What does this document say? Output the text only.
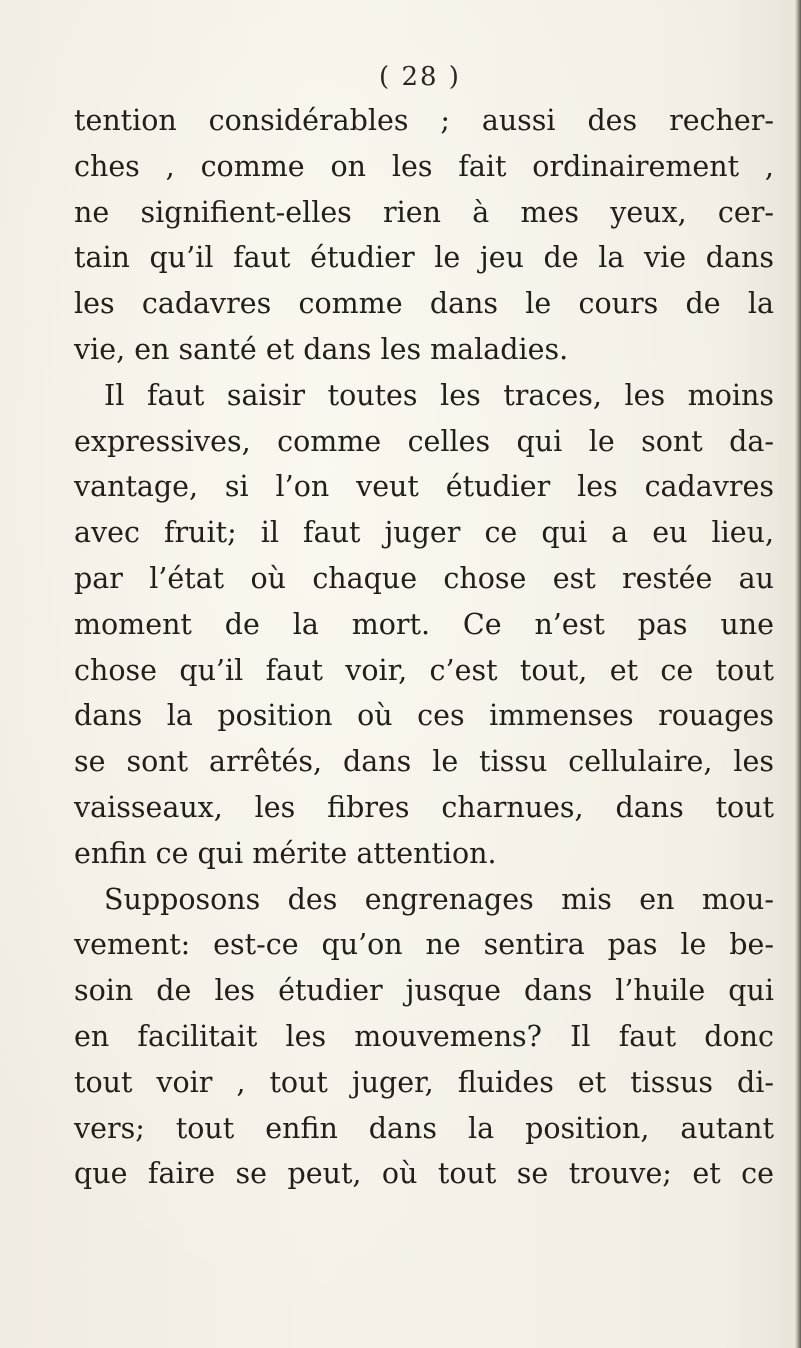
( 28 )
tention considérables ; aussi des recher-
ches , comme on les fait ordinairement ,
ne signifient-elles rien à mes yeux, cer-
tain qu’il faut étudier le jeu de la vie dans
les cadavres comme dans le cours de la
vie, en santé et dans les maladies.
Il faut saisir toutes les traces, les moins
expressives, comme celles qui le sont da-
vantage, si l’on veut étudier les cadavres
avec fruit; il faut juger ce qui a eu lieu,
par l’état où chaque chose est restée au
moment de la mort. Ce n’est pas une
chose qu’il faut voir, c’est tout, et ce tout
dans la position où ces immenses rouages
se sont arrêtés, dans le tissu cellulaire, les
vaisseaux, les fibres charnues, dans tout
enfin ce qui mérite attention.
Supposons des engrenages mis en mou-
vement: est-ce qu’on ne sentira pas le be-
soin de les étudier jusque dans l’huile qui
en facilitait les mouvemens? Il faut donc
tout voir , tout juger, fluides et tissus di-
vers; tout enfin dans la position, autant
que faire se peut, où tout se trouve; et ce
